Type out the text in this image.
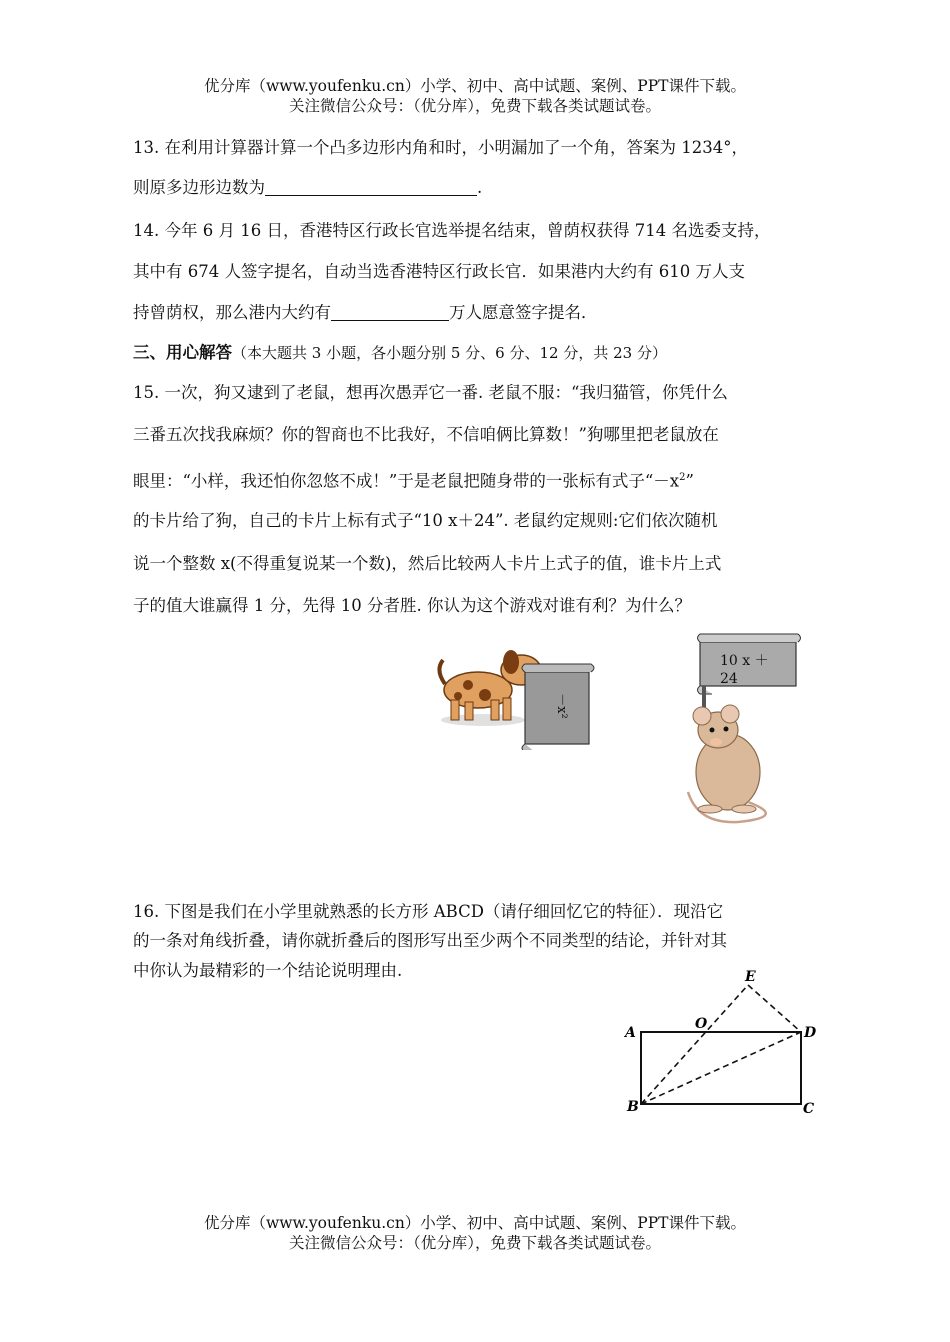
优分库（www.youfenku.cn）小学、初中、高中试题、案例、PPT课件下载。
关注微信公众号：（优分库），免费下载各类试题试卷。
13. 在利用计算器计算一个凸多边形内角和时，小明漏加了一个角，答案为 1234°，
则原多边形边数为	.
14. 今年 6 月 16 日，香港特区行政长官选举提名结束，曾荫权获得 714 名选委支持，
其中有 674 人签字提名，自动当选香港特区行政长官．如果港内大约有 610 万人支
持曾荫权，那么港内大约有	万人愿意签字提名．
三、用心解答（本大题共 3 小题，各小题分别 5 分、6 分、12 分，共 23 分）
15. 一次，狗又逮到了老鼠，想再次愚弄它一番. 老鼠不服：“我归猫管，你凭什么
三番五次找我麻烦？你的智商也不比我好，不信咱俩比算数！”狗哪里把老鼠放在
眼里：“小样，我还怕你忽悠不成！”于是老鼠把随身带的一张标有式子“$-x^2$”
的卡片给了狗，自己的卡片上标有式子“10 x＋24”. 老鼠约定规则:它们依次随机
说一个整数 x(不得重复说某一个数)，然后比较两人卡片上式子的值，谁卡片上式
子的值大谁赢得 1 分，先得 10 分者胜. 你认为这个游戏对谁有利？为什么？
－x²
10 x ＋
24
16. 下图是我们在小学里就熟悉的长方形 ABCD（请仔细回忆它的特征）．现沿它
的一条对角线折叠，请你就折叠后的图形写出至少两个不同类型的结论，并针对其
中你认为最精彩的一个结论说明理由.
A
B	C
D
E
O
优分库（www.youfenku.cn）小学、初中、高中试题、案例、PPT课件下载。
关注微信公众号：（优分库），免费下载各类试题试卷。
